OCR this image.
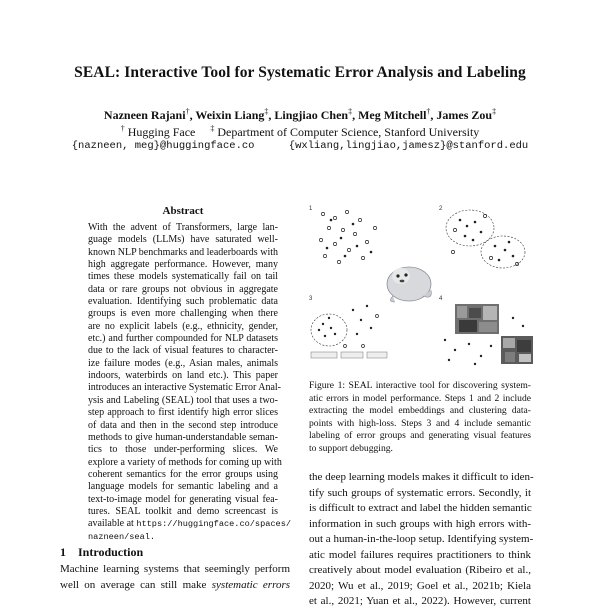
SEAL: Interactive Tool for Systematic Error Analysis and Labeling
Nazneen Rajani†, Weixin Liang‡, Lingjiao Chen‡, Meg Mitchell†, James Zou‡
† Hugging Face ‡ Department of Computer Science, Stanford University
{nazneen, meg}@huggingface.co	{wxliang,lingjiao,jamesz}@stanford.edu
Abstract
With the advent of Transformers, large lan-
guage models (LLMs) have saturated well-
known NLP benchmarks and leaderboards with
high aggregate performance. However, many
times these models systematically fail on tail
data or rare groups not obvious in aggregate
evaluation. Identifying such problematic data
groups is even more challenging when there
are no explicit labels (e.g., ethnicity, gender,
etc.) and further compounded for NLP datasets
due to the lack of visual features to character-
ize failure modes (e.g., Asian males, animals
indoors, waterbirds on land etc.). This paper
introduces an interactive Systematic Error Anal-
ysis and Labeling (SEAL) tool that uses a two-
step approach to first identify high error slices
of data and then in the second step introduce
methods to give human-understandable seman-
tics to those under-performing slices. We
explore a variety of methods for coming up with
coherent semantics for the error groups using
language models for semantic labeling and a
text-to-image model for generating visual fea-
tures. SEAL toolkit and demo screencast is
available at https://huggingface.co/spaces/
nazneen/seal.
1 Introduction
Machine learning systems that seemingly perform
well on average can still make systematic errors
1	2
3	4
Figure 1: SEAL interactive tool for discovering system-
atic errors in model performance. Steps 1 and 2 include
extracting the model embeddings and clustering data-
points with high-loss. Steps 3 and 4 include semantic
labeling of error groups and generating visual features
to support debugging.
the deep learning models makes it difficult to iden-
tify such groups of systematic errors. Secondly, it
is difficult to extract and label the hidden semantic
information in such groups with high errors with-
out a human-in-the-loop setup. Identifying system-
atic model failures requires practitioners to think
creatively about model evaluation (Ribeiro et al.,
2020; Wu et al., 2019; Goel et al., 2021b; Kiela
et al., 2021; Yuan et al., 2022). However, current
